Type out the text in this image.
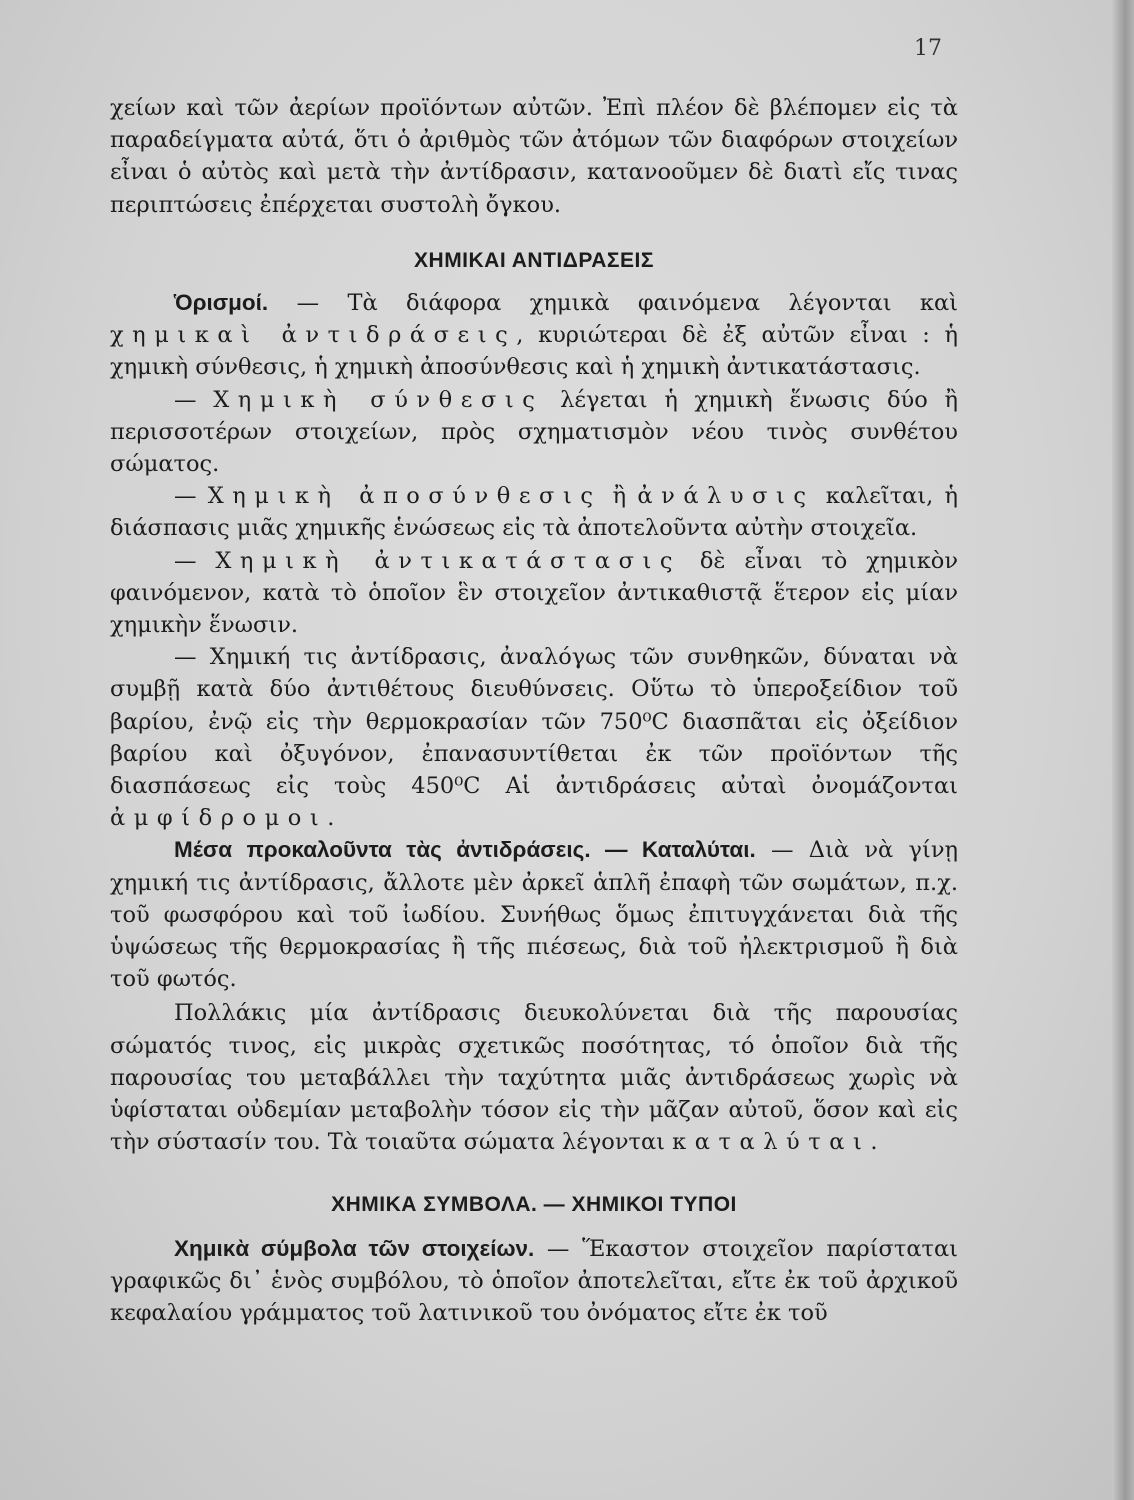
17

χείων καὶ τῶν ἀερίων προϊόντων αὐτῶν. Ἐπὶ πλέον δὲ βλέπομεν εἰς τὰ παραδείγματα αὐτά, ὅτι ὁ ἀριθμὸς τῶν ἀτόμων τῶν διαφόρων στοιχείων εἶναι ὁ αὐτὸς καὶ μετὰ τὴν ἀντίδρασιν, κατανοοῦμεν δὲ διατὶ εἴς τινας περιπτώσεις ἐπέρχεται συστολὴ ὄγκου.

ΧΗΜΙΚΑΙ ΑΝΤΙΔΡΑΣΕΙΣ

Ὁρισμοί. — Τὰ διάφορα χημικὰ φαινόμενα λέγονται καὶ χημικαὶ ἀντιδράσεις, κυριώτεραι δὲ ἐξ αὐτῶν εἶναι : ἡ χημικὴ σύνθεσις, ἡ χημικὴ ἀποσύνθεσις καὶ ἡ χημικὴ ἀντικατάστασις.

— Χημικὴ σύνθεσις λέγεται ἡ χημικὴ ἕνωσις δύο ἢ περισσοτέρων στοιχείων, πρὸς σχηματισμὸν νέου τινὸς συνθέτου σώματος.

— Χημικὴ ἀποσύνθεσις ἢ ἀνάλυσις καλεῖται, ἡ διάσπασις μιᾶς χημικῆς ἑνώσεως εἰς τὰ ἀποτελοῦντα αὐτὴν στοιχεῖα.

— Χημικὴ ἀντικατάστασις δὲ εἶναι τὸ χημικὸν φαινόμενον, κατὰ τὸ ὁποῖον ἓν στοιχεῖον ἀντικαθιστᾷ ἕτερον εἰς μίαν χημικὴν ἕνωσιν.

— Χημική τις ἀντίδρασις, ἀναλόγως τῶν συνθηκῶν, δύναται νὰ συμβῇ κατὰ δύο ἀντιθέτους διευθύνσεις. Οὕτω τὸ ὑπεροξείδιον τοῦ βαρίου, ἐνῷ εἰς τὴν θερμοκρασίαν τῶν 750⁰C διασπᾶται εἰς ὀξείδιον βαρίου καὶ ὀξυγόνον, ἐπανασυντίθεται ἐκ τῶν προϊόντων τῆς διασπάσεως εἰς τοὺς 450⁰C Αἱ ἀντιδράσεις αὐταὶ ὀνομάζονται ἀμφίδρομοι.

Μέσα προκαλοῦντα τὰς ἀντιδράσεις. — Καταλύται. — Διὰ νὰ γίνῃ χημική τις ἀντίδρασις, ἄλλοτε μὲν ἀρκεῖ ἁπλῆ ἐπαφὴ τῶν σωμάτων, π.χ. τοῦ φωσφόρου καὶ τοῦ ἰωδίου. Συνήθως ὅμως ἐπιτυγχάνεται διὰ τῆς ὑψώσεως τῆς θερμοκρασίας ἢ τῆς πιέσεως, διὰ τοῦ ἠλεκτρισμοῦ ἢ διὰ τοῦ φωτός.

Πολλάκις μία ἀντίδρασις διευκολύνεται διὰ τῆς παρουσίας σώματός τινος, εἰς μικρὰς σχετικῶς ποσότητας, τό ὁποῖον διὰ τῆς παρουσίας του μεταβάλλει τὴν ταχύτητα μιᾶς ἀντιδράσεως χωρὶς νὰ ὑφίσταται οὐδεμίαν μεταβολὴν τόσον εἰς τὴν μᾶζαν αὐτοῦ, ὅσον καὶ εἰς τὴν σύστασίν του. Τὰ τοιαῦτα σώματα λέγονται καταλύται.

ΧΗΜΙΚΑ ΣΥΜΒΟΛΑ. — ΧΗΜΙΚΟΙ ΤΥΠΟΙ

Χημικὰ σύμβολα τῶν στοιχείων. — Ἕκαστον στοιχεῖον παρίσταται γραφικῶς δι᾽ ἑνὸς συμβόλου, τὸ ὁποῖον ἀποτελεῖται, εἴτε ἐκ τοῦ ἀρχικοῦ κεφαλαίου γράμματος τοῦ λατινικοῦ του ὀνόματος εἴτε ἐκ τοῦ
